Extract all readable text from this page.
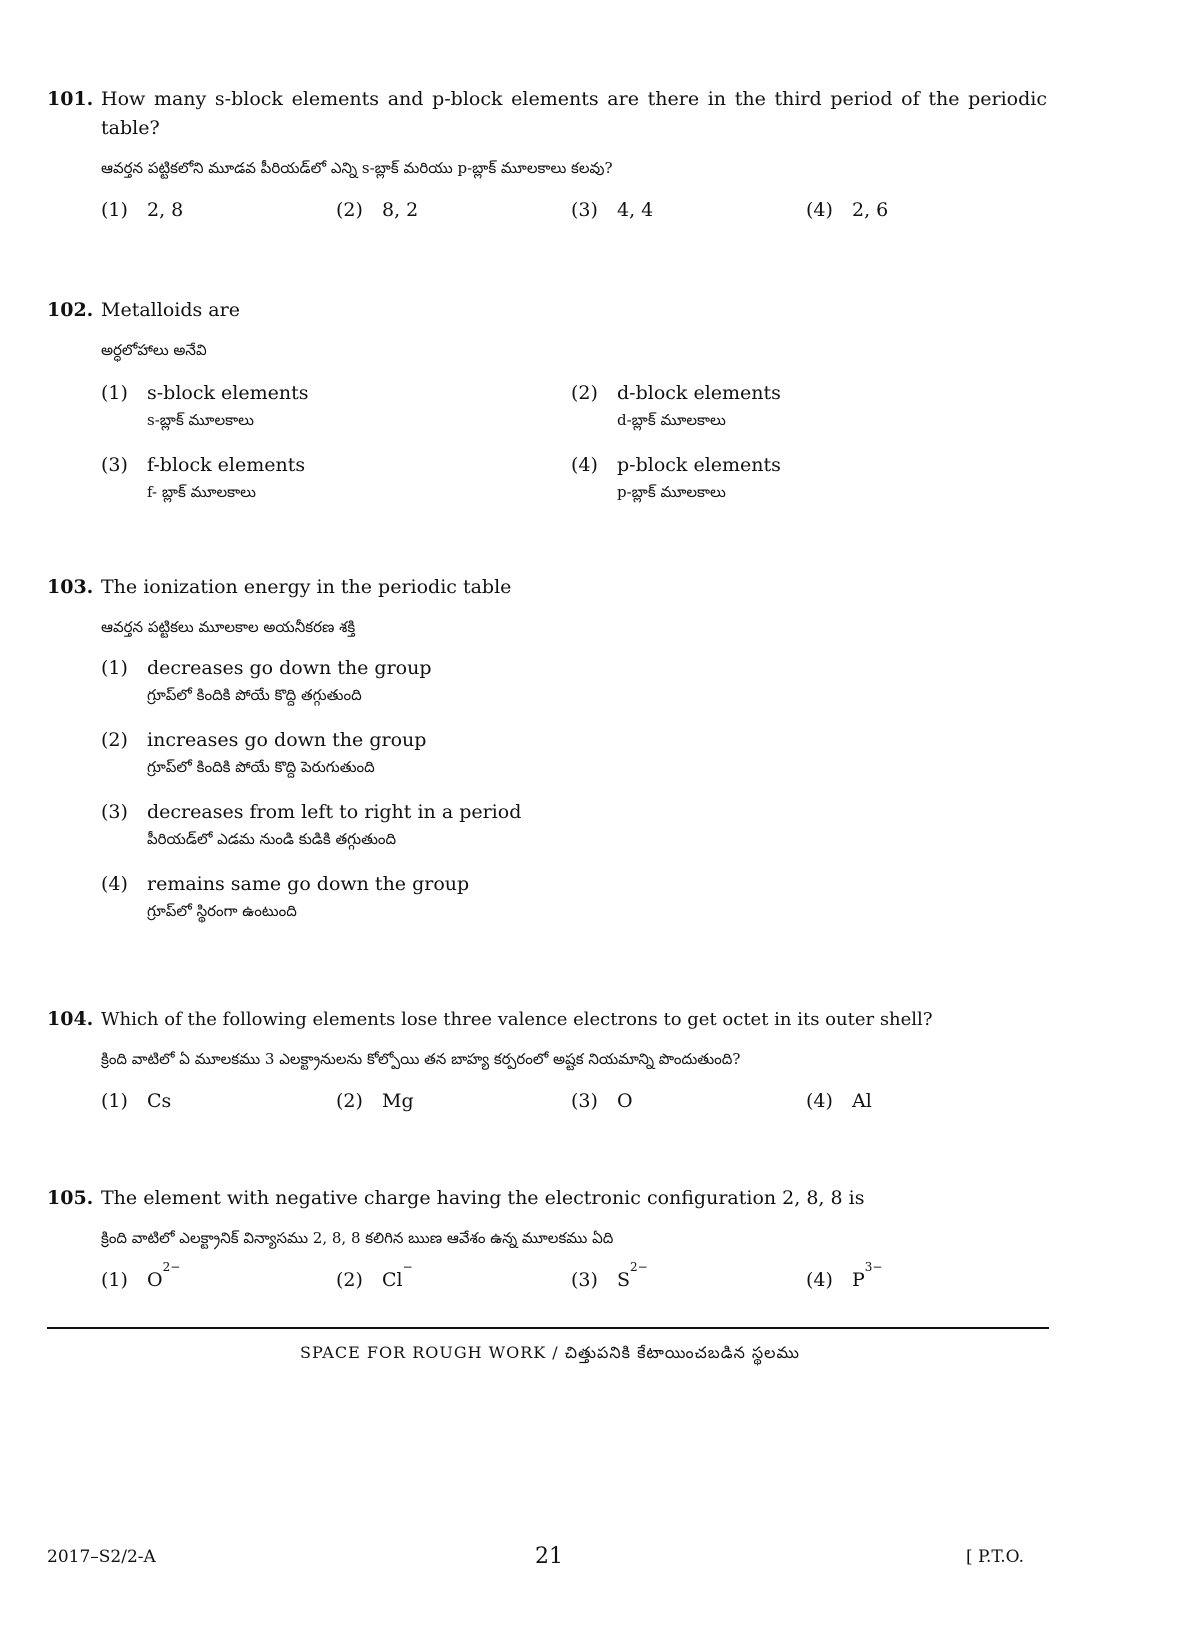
101. How many s-block elements and p-block elements are there in the third period of the periodic table?
ఆవర్తన పట్టికలోని మూడవ పీరియడ్‌లో ఎన్ని s-బ్లాక్ మరియు p-బ్లాక్ మూలకాలు కలవు?
(1)	2, 8	(2)	8, 2	(3)	4, 4	(4)	2, 6
102. Metalloids are
అర్ధలోహాలు అనేవి
(1)	s-block elements
s-బ్లాక్ మూలకాలు
(2)	d-block elements
d-బ్లాక్ మూలకాలు
(3)	f-block elements
f- బ్లాక్ మూలకాలు
(4)	p-block elements
p-బ్లాక్ మూలకాలు
103. The ionization energy in the periodic table
ఆవర్తన పట్టికలు మూలకాల అయనీకరణ శక్తి
(1)	decreases go down the group
గ్రూప్‌లో కిందికి పోయే కొద్ది తగ్గుతుంది
(2)	increases go down the group
గ్రూప్‌లో కిందికి పోయే కొద్ది పెరుగుతుంది
(3)	decreases from left to right in a period
పీరియడ్‌లో ఎడమ నుండి కుడికి తగ్గుతుంది
(4)	remains same go down the group
గ్రూప్‌లో స్థిరంగా ఉంటుంది
104. Which of the following elements lose three valence electrons to get octet in its outer shell?
క్రింది వాటిలో ఏ మూలకము 3 ఎలక్ట్రానులను కోల్పోయి తన బాహ్య కర్పరంలో అష్టక నియమాన్ని పొందుతుంది?
(1)	Cs	(2)	Mg	(3)	O	(4)	Al
105. The element with negative charge having the electronic configuration 2, 8, 8 is
క్రింది వాటిలో ఎలక్ట్రానిక్ విన్యాసము 2, 8, 8 కలిగిన ఋణ ఆవేశం ఉన్న మూలకము ఏది
(1)	O
2−
(2)	Cl
−
(3)	S
2−
(4)	P
3−
SPACE FOR ROUGH WORK / చిత్తుపనికి కేటాయించబడిన స్థలము
2017–S2/2-A	21	[ P.T.O.
